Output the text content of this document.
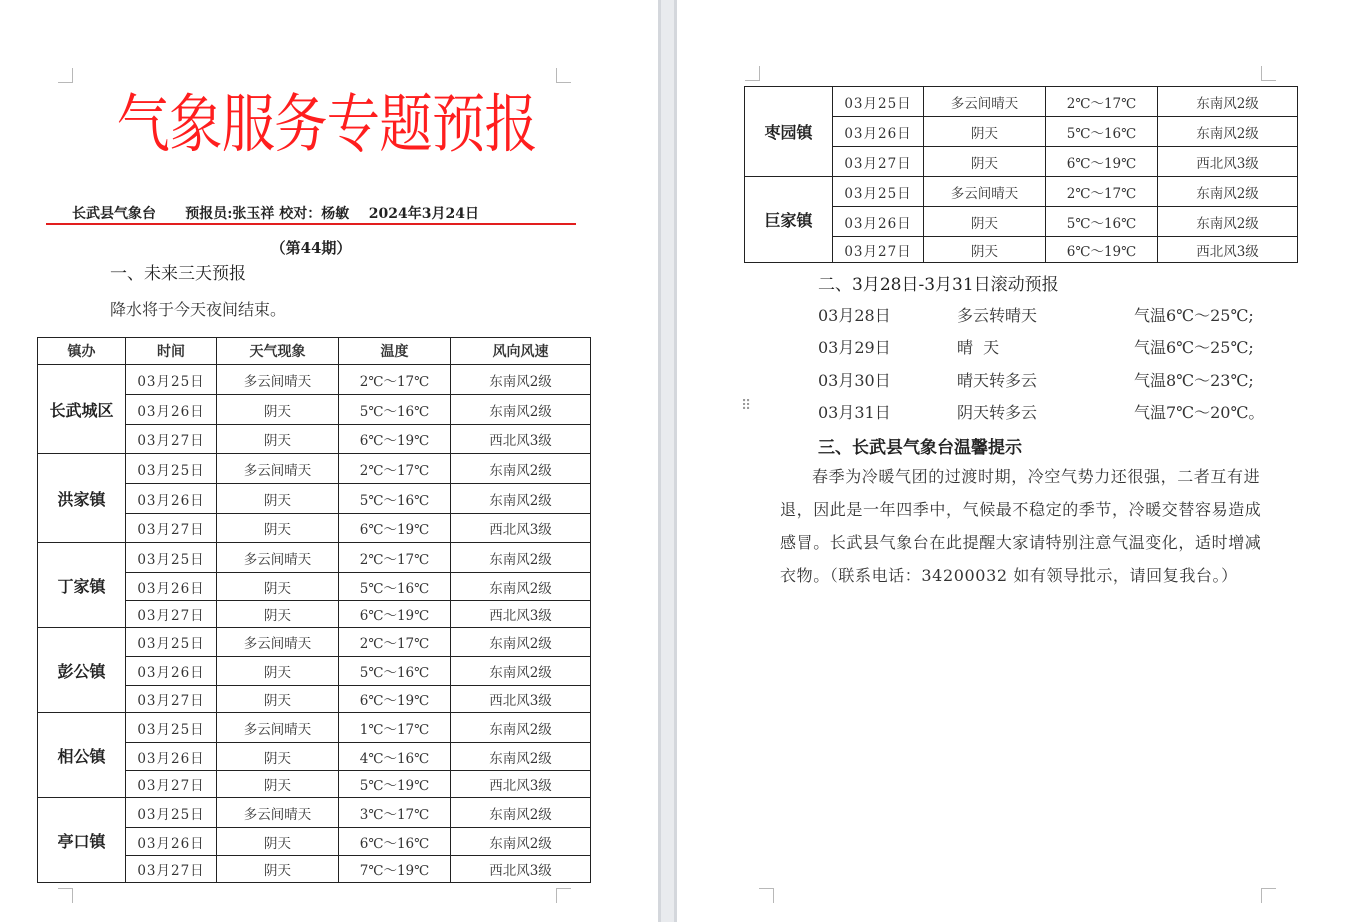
气象服务专题预报
长武县气象台 预报员:张玉祥 校对：杨敏 2024年3月24日
（第44期）
一、未来三天预报
降水将于今天夜间结束。
镇办	时间	天气现象	温度	风向风速
长武城区	03月25日	多云间晴天	2℃～17℃	东南风2级
	03月26日	阴天	5℃～16℃	东南风2级
	03月27日	阴天	6℃～19℃	西北风3级
洪家镇	03月25日	多云间晴天	2℃～17℃	东南风2级
	03月26日	阴天	5℃～16℃	东南风2级
	03月27日	阴天	6℃～19℃	西北风3级
丁家镇	03月25日	多云间晴天	2℃～17℃	东南风2级
	03月26日	阴天	5℃～16℃	东南风2级
	03月27日	阴天	6℃～19℃	西北风3级
彭公镇	03月25日	多云间晴天	2℃～17℃	东南风2级
	03月26日	阴天	5℃～16℃	东南风2级
	03月27日	阴天	6℃～19℃	西北风3级
相公镇	03月25日	多云间晴天	1℃～17℃	东南风2级
	03月26日	阴天	4℃～16℃	东南风2级
	03月27日	阴天	5℃～19℃	西北风3级
亭口镇	03月25日	多云间晴天	3℃～17℃	东南风2级
	03月26日	阴天	6℃～16℃	东南风2级
	03月27日	阴天	7℃～19℃	西北风3级
枣园镇	03月25日	多云间晴天	2℃～17℃	东南风2级
	03月26日	阴天	5℃～16℃	东南风2级
	03月27日	阴天	6℃～19℃	西北风3级
巨家镇	03月25日	多云间晴天	2℃～17℃	东南风2级
	03月26日	阴天	5℃～16℃	东南风2级
	03月27日	阴天	6℃～19℃	西北风3级
二、3月28日-3月31日滚动预报
03月28日	多云转晴天	气温6℃～25℃;
03月29日	晴  天	气温6℃～25℃;
03月30日	晴天转多云	气温8℃～23℃;
03月31日	阴天转多云	气温7℃～20℃。
⠿
三、长武县气象台温馨提示
春季为冷暖气团的过渡时期，冷空气势力还很强，二者互有进退，因此是一年四季中，气候最不稳定的季节，冷暖交替容易造成感冒。长武县气象台在此提醒大家请特别注意气温变化，适时增减衣物。（联系电话：34200032 如有领导批示，请回复我台。）
